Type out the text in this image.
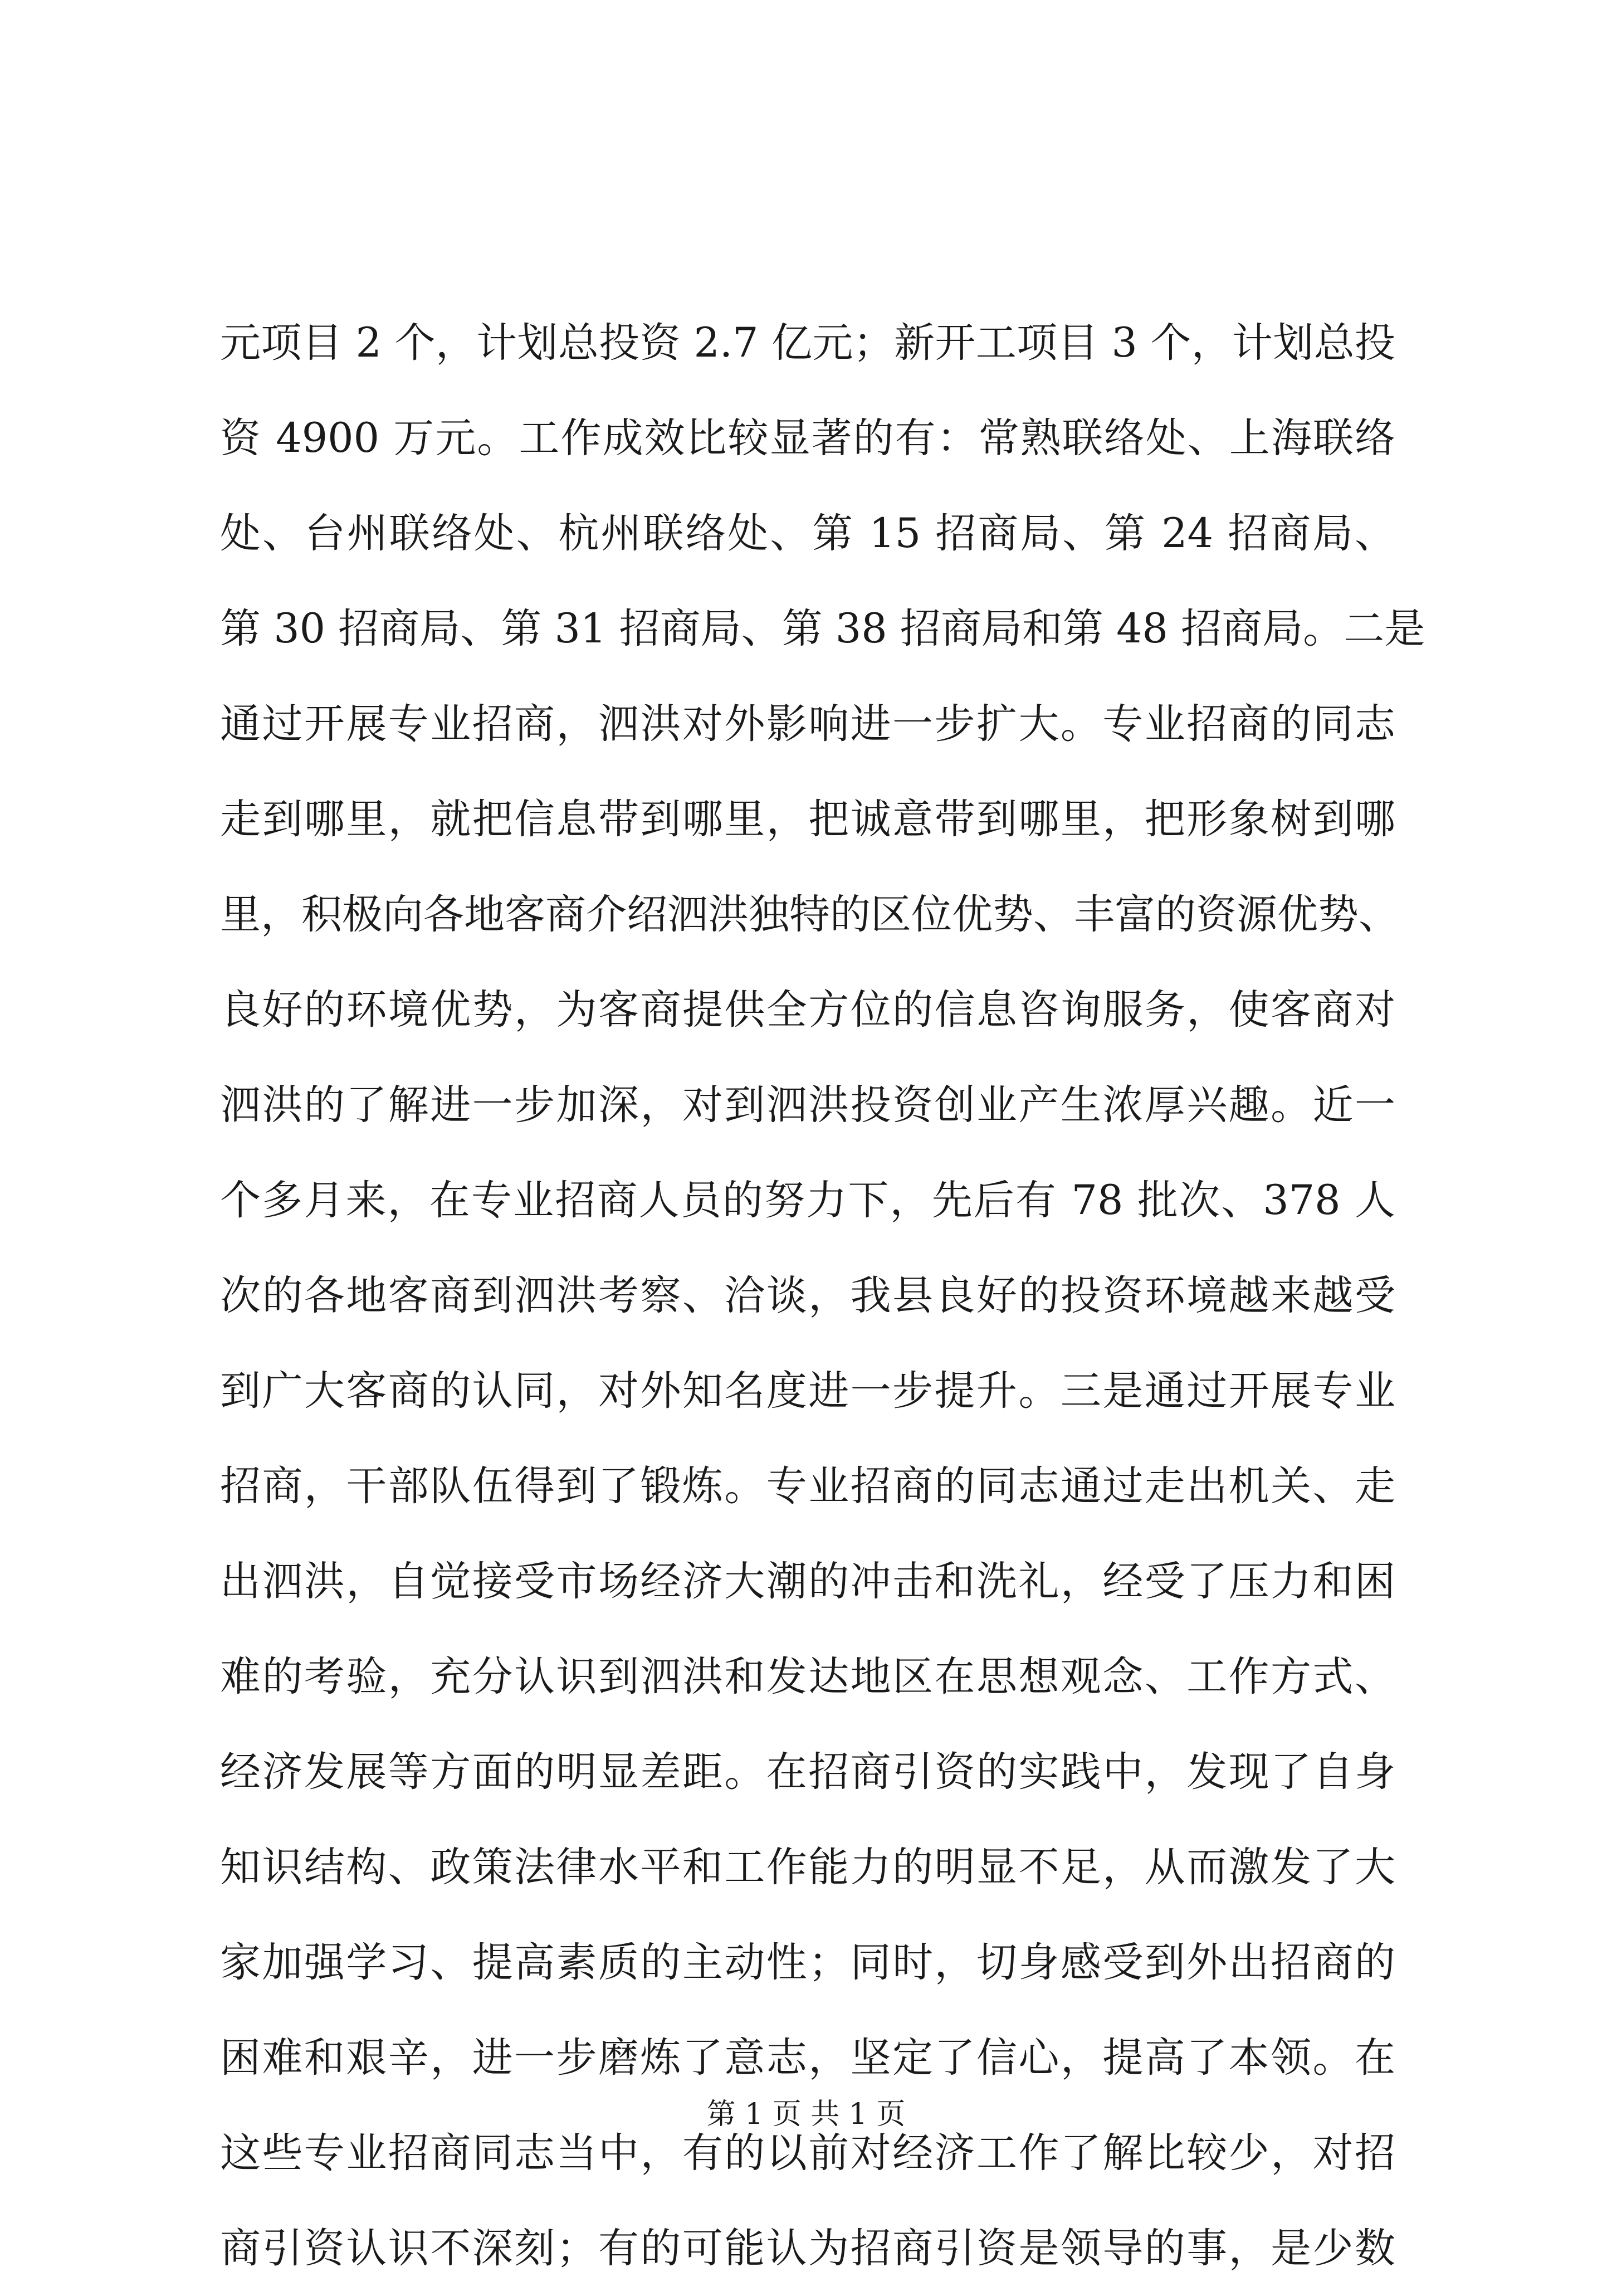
元项目 2 个，计划总投资 2.7 亿元；新开工项目 3 个，计划总投
资 4900 万元。工作成效比较显著的有：常熟联络处、上海联络
处、台州联络处、杭州联络处、第 15 招商局、第 24 招商局、
第 30 招商局、第 31 招商局、第 38 招商局和第 48 招商局。二是
通过开展专业招商，泗洪对外影响进一步扩大。专业招商的同志
走到哪里，就把信息带到哪里，把诚意带到哪里，把形象树到哪
里，积极向各地客商介绍泗洪独特的区位优势、丰富的资源优势、
良好的环境优势，为客商提供全方位的信息咨询服务，使客商对
泗洪的了解进一步加深，对到泗洪投资创业产生浓厚兴趣。近一
个多月来，在专业招商人员的努力下，先后有 78 批次、378 人
次的各地客商到泗洪考察、洽谈，我县良好的投资环境越来越受
到广大客商的认同，对外知名度进一步提升。三是通过开展专业
招商，干部队伍得到了锻炼。专业招商的同志通过走出机关、走
出泗洪，自觉接受市场经济大潮的冲击和洗礼，经受了压力和困
难的考验，充分认识到泗洪和发达地区在思想观念、工作方式、
经济发展等方面的明显差距。在招商引资的实践中，发现了自身
知识结构、政策法律水平和工作能力的明显不足，从而激发了大
家加强学习、提高素质的主动性；同时，切身感受到外出招商的
困难和艰辛，进一步磨炼了意志，坚定了信心，提高了本领。在
这些专业招商同志当中，有的以前对经济工作了解比较少，对招
商引资认识不深刻；有的可能认为招商引资是领导的事，是少数
第 1 页 共 1 页
